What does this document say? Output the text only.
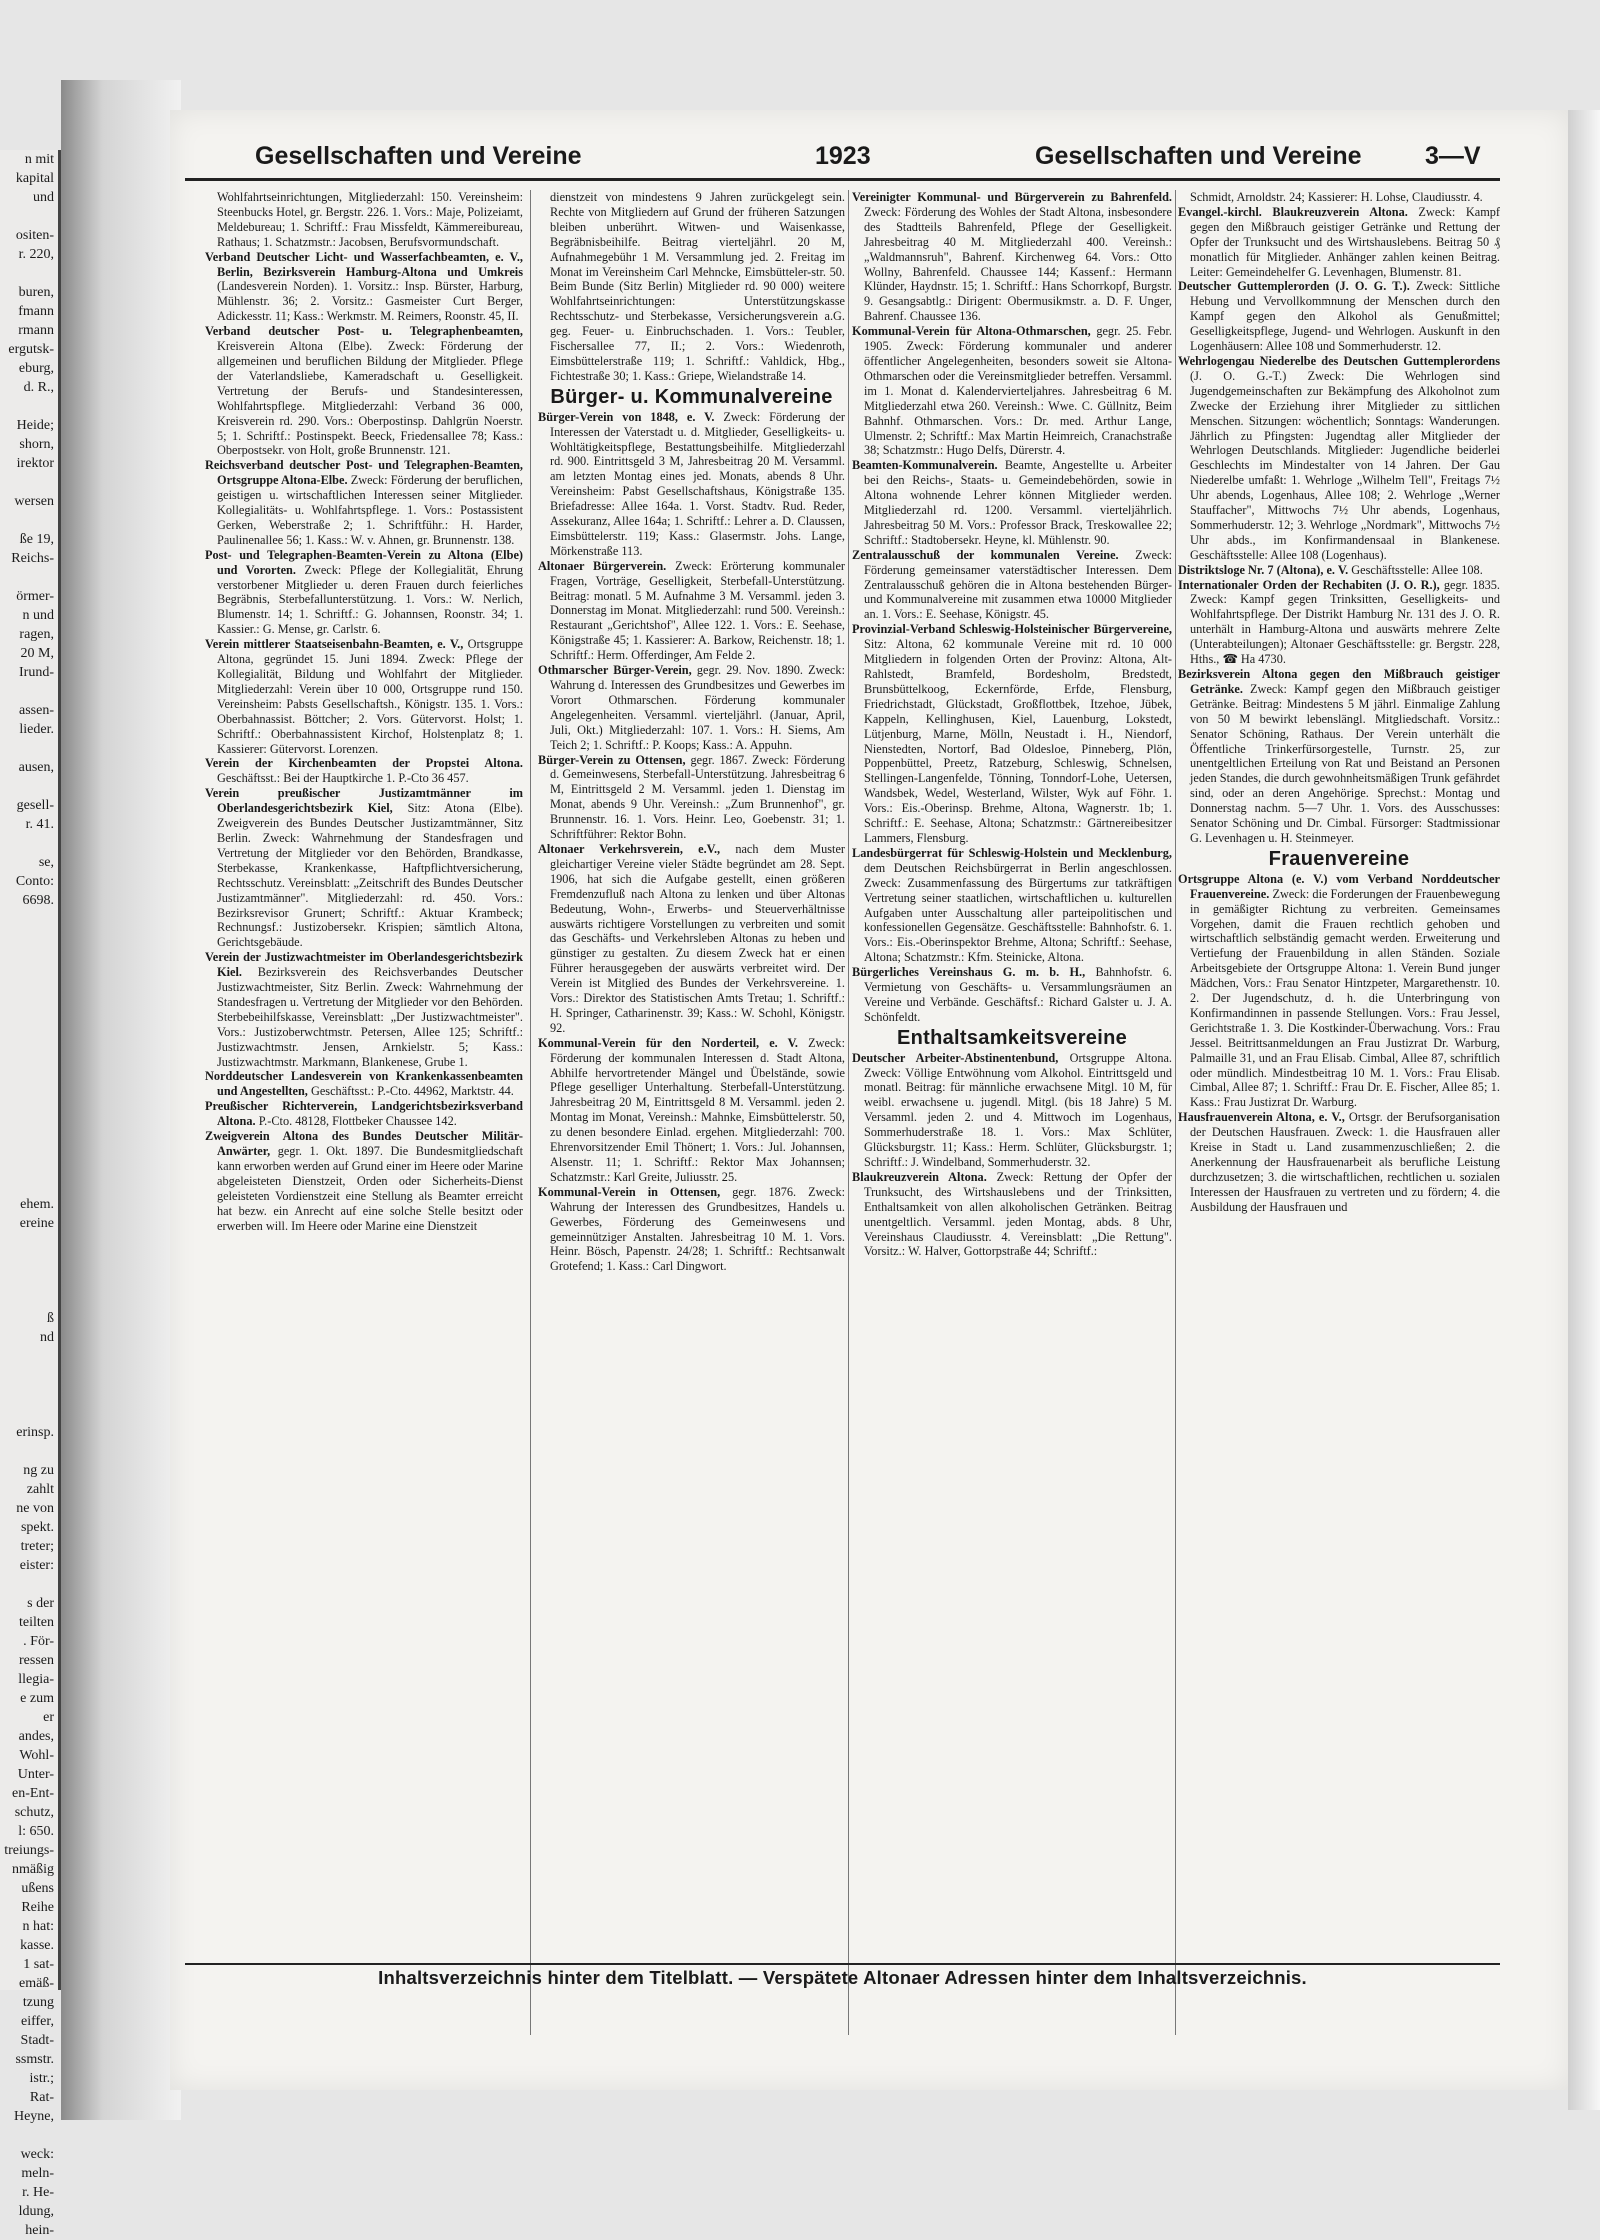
n mit
kapital
und

ositen-
r. 220,

buren,
fmann
rmann
ergutsk-
eburg,
d. R.,

Heide;
shorn,
irektor

wersen

ße 19,
Reichs-

örmer-
n und
ragen,
20 M,
Irund-

assen-
lieder.

ausen,

gesell-
r. 41.

se,
Conto:
6698.

ehem.
ereine

ß
nd

erinsp.

ng zu
zahlt
ne von
spekt.
treter;
eister:

s der
teilten
. För-
ressen
llegia-
e zum
er
andes,
Wohl-
Unter-
en-Ent-
schutz,
l: 650.
treiungs-
nmäßig
ußens
Reihe
n hat:
kasse.
1 sat-
emäß-
tzung
eiffer,
Stadt-
ssmstr.
istr.;
Rat-
Heyne,

weck:
meln-
r. He-
ldung,
hein-
Gesellschaften und Vereine	1923	Gesellschaften und Vereine	3—V
Wohlfahrtseinrichtungen, Mitgliederzahl: 150. Vereinsheim: Steenbucks Hotel, gr. Bergstr. 226. 1. Vors.: Maje, Polizeiamt, Meldebureau; 1. Schriftf.: Frau Missfeldt, Kämmereibureau, Rathaus; 1. Schatzmstr.: Jacobsen, Berufsvormundschaft.
Verband Deutscher Licht- und Wasserfachbeamten, e. V., Berlin, Bezirksverein Hamburg-Altona und Umkreis (Landesverein Norden). 1. Vorsitz.: Insp. Bürster, Harburg, Mühlenstr. 36; 2. Vorsitz.: Gasmeister Curt Berger, Adickesstr. 11; Kass.: Werkmstr. M. Reimers, Roonstr. 45, II.
Verband deutscher Post- u. Telegraphenbeamten, Kreisverein Altona (Elbe). Zweck: Förderung der allgemeinen und beruflichen Bildung der Mitglieder. Pflege der Vaterlandsliebe, Kameradschaft u. Geselligkeit. Vertretung der Berufs- und Standesinteressen, Wohlfahrtspflege. Mitgliederzahl: Verband 36 000, Kreisverein rd. 290. Vors.: Oberpostinsp. Dahlgrün Noerstr. 5; 1. Schriftf.: Postinspekt. Beeck, Friedensallee 78; Kass.: Oberpostsekr. von Holt, große Brunnenstr. 121.
Reichsverband deutscher Post- und Telegraphen-Beamten, Ortsgruppe Altona-Elbe. Zweck: Förderung der beruflichen, geistigen u. wirtschaftlichen Interessen seiner Mitglieder. Kollegialitäts- u. Wohlfahrtspflege. 1. Vors.: Postassistent Gerken, Weberstraße 2; 1. Schriftführ.: H. Harder, Paulinenallee 56; 1. Kass.: W. v. Ahnen, gr. Brunnenstr. 138.
Post- und Telegraphen-Beamten-Verein zu Altona (Elbe) und Vororten. Zweck: Pflege der Kollegialität, Ehrung verstorbener Mitglieder u. deren Frauen durch feierliches Begräbnis, Sterbefallunterstützung. 1. Vors.: W. Nerlich, Blumenstr. 14; 1. Schriftf.: G. Johannsen, Roonstr. 34; 1. Kassier.: G. Mense, gr. Carlstr. 6.
Verein mittlerer Staatseisenbahn-Beamten, e. V., Ortsgruppe Altona, gegründet 15. Juni 1894. Zweck: Pflege der Kollegialität, Bildung und Wohlfahrt der Mitglieder. Mitgliederzahl: Verein über 10 000, Ortsgruppe rund 150. Vereinsheim: Pabsts Gesellschaftsh., Königstr. 135. 1. Vors.: Oberbahnassist. Böttcher; 2. Vors. Gütervorst. Holst; 1. Schriftf.: Oberbahnassistent Kirchof, Holstenplatz 8; 1. Kassierer: Gütervorst. Lorenzen.
Verein der Kirchenbeamten der Propstei Altona. Geschäftsst.: Bei der Hauptkirche 1. P.-Cto 36 457.
Verein preußischer Justizamtmänner im Oberlandesgerichtsbezirk Kiel, Sitz: Atona (Elbe). Zweigverein des Bundes Deutscher Justizamtmänner, Sitz Berlin. Zweck: Wahrnehmung der Standesfragen und Vertretung der Mitglieder vor den Behörden, Brandkasse, Sterbekasse, Krankenkasse, Haftpflichtversicherung, Rechtsschutz. Vereinsblatt: „Zeitschrift des Bundes Deutscher Justizamtmänner". Mitgliederzahl: rd. 450. Vors.: Bezirksrevisor Grunert; Schriftf.: Aktuar Krambeck; Rechnungsf.: Justizobersekr. Krispien; sämtlich Altona, Gerichtsgebäude.
Verein der Justizwachtmeister im Oberlandesgerichtsbezirk Kiel. Bezirksverein des Reichsverbandes Deutscher Justizwachtmeister, Sitz Berlin. Zweck: Wahrnehmung der Standesfragen u. Vertretung der Mitglieder vor den Behörden. Sterbebeihilfskasse, Vereinsblatt: „Der Justizwachtmeister". Vors.: Justizoberwchtmstr. Petersen, Allee 125; Schriftf.: Justizwachtmstr. Jensen, Arnkielstr. 5; Kass.: Justizwachtmstr. Markmann, Blankenese, Grube 1.
Norddeutscher Landesverein von Krankenkassenbeamten und Angestellten, Geschäftsst.: P.-Cto. 44962, Marktstr. 44.
Preußischer Richterverein, Landgerichtsbezirksverband Altona. P.-Cto. 48128, Flottbeker Chaussee 142.
Zweigverein Altona des Bundes Deutscher Militär-Anwärter, gegr. 1. Okt. 1897. Die Bundesmitgliedschaft kann erworben werden auf Grund einer im Heere oder Marine abgeleisteten Dienstzeit, Orden oder Sicherheits-Dienst geleisteten Vordienstzeit eine Stellung als Beamter erreicht hat bezw. ein Anrecht auf eine solche Stelle besitzt oder erwerben will. Im Heere oder Marine eine Dienstzeit
dienstzeit von mindestens 9 Jahren zurückgelegt sein. Rechte von Mitgliedern auf Grund der früheren Satzungen bleiben unberührt. Witwen- und Waisenkasse, Begräbnisbeihilfe. Beitrag vierteljährl. 20 M, Aufnahmegebühr 1 M. Versammlung jed. 2. Freitag im Monat im Vereinsheim Carl Mehncke, Eimsbütteler-str. 50. Beim Bunde (Sitz Berlin) Mitglieder rd. 90 000) weitere Wohlfahrtseinrichtungen: Unterstützungskasse Rechtsschutz- und Sterbekasse, Versicherungsverein a.G. geg. Feuer- u. Einbruchschaden. 1. Vors.: Teubler, Fischersallee 77, II.; 2. Vors.: Wiedenroth, Eimsbüttelerstraße 119; 1. Schriftf.: Vahldick, Hbg., Fichtestraße 30; 1. Kass.: Griepe, Wielandstraße 14.
Bürger- u. Kommunalvereine
Bürger-Verein von 1848, e. V. Zweck: Förderung der Interessen der Vaterstadt u. d. Mitglieder, Geselligkeits- u. Wohltätigkeitspflege, Bestattungsbeihilfe. Mitgliederzahl rd. 900. Eintrittsgeld 3 M, Jahresbeitrag 20 M. Versamml. am letzten Montag eines jed. Monats, abends 8 Uhr. Vereinsheim: Pabst Gesellschaftshaus, Königstraße 135. Briefadresse: Allee 164a. 1. Vorst. Stadtv. Rud. Reder, Assekuranz, Allee 164a; 1. Schriftf.: Lehrer a. D. Claussen, Eimsbüttelerstr. 119; Kass.: Glasermstr. Johs. Lange, Mörkenstraße 113.
Altonaer Bürgerverein. Zweck: Erörterung kommunaler Fragen, Vorträge, Geselligkeit, Sterbefall-Unterstützung. Beitrag: monatl. 5 M. Aufnahme 3 M. Versamml. jeden 3. Donnerstag im Monat. Mitgliederzahl: rund 500. Vereinsh.: Restaurant „Gerichtshof", Allee 122. 1. Vors.: E. Seehase, Königstraße 45; 1. Kassierer: A. Barkow, Reichenstr. 18; 1. Schriftf.: Herm. Offerdinger, Am Felde 2.
Othmarscher Bürger-Verein, gegr. 29. Nov. 1890. Zweck: Wahrung d. Interessen des Grundbesitzes und Gewerbes im Vorort Othmarschen. Förderung kommunaler Angelegenheiten. Versamml. vierteljährl. (Januar, April, Juli, Okt.) Mitgliederzahl: 107. 1. Vors.: H. Siems, Am Teich 2; 1. Schriftf.: P. Koops; Kass.: A. Appuhn.
Bürger-Verein zu Ottensen, gegr. 1867. Zweck: Förderung d. Gemeinwesens, Sterbefall-Unterstützung. Jahresbeitrag 6 M, Eintrittsgeld 2 M. Versamml. jeden 1. Dienstag im Monat, abends 9 Uhr. Vereinsh.: „Zum Brunnenhof", gr. Brunnenstr. 16. 1. Vors. Heinr. Leo, Goebenstr. 31; 1. Schriftführer: Rektor Bohn.
Altonaer Verkehrsverein, e.V., nach dem Muster gleichartiger Vereine vieler Städte begründet am 28. Sept. 1906, hat sich die Aufgabe gestellt, einen größeren Fremdenzufluß nach Altona zu lenken und über Altonas Bedeutung, Wohn-, Erwerbs- und Steuerverhältnisse auswärts richtigere Vorstellungen zu verbreiten und somit das Geschäfts- und Verkehrsleben Altonas zu heben und günstiger zu gestalten. Zu diesem Zweck hat er einen Führer herausgegeben der auswärts verbreitet wird. Der Verein ist Mitglied des Bundes der Verkehrsvereine. 1. Vors.: Direktor des Statistischen Amts Tretau; 1. Schriftf.: H. Springer, Catharinenstr. 39; Kass.: W. Schohl, Königstr. 92.
Kommunal-Verein für den Norderteil, e. V. Zweck: Förderung der kommunalen Interessen d. Stadt Altona, Abhilfe hervortretender Mängel und Übelstände, sowie Pflege geselliger Unterhaltung. Sterbefall-Unterstützung. Jahresbeitrag 20 M, Eintrittsgeld 8 M. Versamml. jeden 2. Montag im Monat, Vereinsh.: Mahnke, Eimsbüttelerstr. 50, zu denen besondere Einlad. ergehen. Mitgliederzahl: 700. Ehrenvorsitzender Emil Thönert; 1. Vors.: Jul. Johannsen, Alsenstr. 11; 1. Schriftf.: Rektor Max Johannsen; Schatzmstr.: Karl Greite, Juliusstr. 25.
Kommunal-Verein in Ottensen, gegr. 1876. Zweck: Wahrung der Interessen des Grundbesitzes, Handels u. Gewerbes, Förderung des Gemeinwesens und gemeinnütziger Anstalten. Jahresbeitrag 10 M. 1. Vors. Heinr. Bösch, Papenstr. 24/28; 1. Schriftf.: Rechtsanwalt Grotefend; 1. Kass.: Carl Dingwort.
Vereinigter Kommunal- und Bürgerverein zu Bahrenfeld. Zweck: Förderung des Wohles der Stadt Altona, insbesondere des Stadtteils Bahrenfeld, Pflege der Geselligkeit. Jahresbeitrag 40 M. Mitgliederzahl 400. Vereinsh.: „Waldmannsruh", Bahrenf. Kirchenweg 64. Vors.: Otto Wollny, Bahrenfeld. Chaussee 144; Kassenf.: Hermann Klünder, Haydnstr. 15; 1. Schriftf.: Hans Schorrkopf, Burgstr. 9. Gesangsabtlg.: Dirigent: Obermusikmstr. a. D. F. Unger, Bahrenf. Chaussee 136.
Kommunal-Verein für Altona-Othmarschen, gegr. 25. Febr. 1905. Zweck: Förderung kommunaler und anderer öffentlicher Angelegenheiten, besonders soweit sie Altona-Othmarschen oder die Vereinsmitglieder betreffen. Versamml. im 1. Monat d. Kalendervierteljahres. Jahresbeitrag 6 M. Mitgliederzahl etwa 260. Vereinsh.: Wwe. C. Güllnitz, Beim Bahnhf. Othmarschen. Vors.: Dr. med. Arthur Lange, Ulmenstr. 2; Schriftf.: Max Martin Heimreich, Cranachstraße 38; Schatzmstr.: Hugo Delfs, Dürerstr. 4.
Beamten-Kommunalverein. Beamte, Angestellte u. Arbeiter bei den Reichs-, Staats- u. Gemeindebehörden, sowie in Altona wohnende Lehrer können Mitglieder werden. Mitgliederzahl rd. 1200. Versamml. vierteljährlich. Jahresbeitrag 50 M. Vors.: Professor Brack, Treskowallee 22; Schriftf.: Stadtobersekr. Heyne, kl. Mühlenstr. 90.
Zentralausschuß der kommunalen Vereine. Zweck: Förderung gemeinsamer vaterstädtischer Interessen. Dem Zentralausschuß gehören die in Altona bestehenden Bürger- und Kommunalvereine mit zusammen etwa 10000 Mitglieder an. 1. Vors.: E. Seehase, Königstr. 45.
Provinzial-Verband Schleswig-Holsteinischer Bürgervereine, Sitz: Altona, 62 kommunale Vereine mit rd. 10 000 Mitgliedern in folgenden Orten der Provinz: Altona, Alt-Rahlstedt, Bramfeld, Bordesholm, Bredstedt, Brunsbüttelkoog, Eckernförde, Erfde, Flensburg, Friedrichstadt, Glückstadt, Großflottbek, Itzehoe, Jübek, Kappeln, Kellinghusen, Kiel, Lauenburg, Lokstedt, Lütjenburg, Marne, Mölln, Neustadt i. H., Niendorf, Nienstedten, Nortorf, Bad Oldesloe, Pinneberg, Plön, Poppenbüttel, Preetz, Ratzeburg, Schleswig, Schnelsen, Stellingen-Langenfelde, Tönning, Tonndorf-Lohe, Uetersen, Wandsbek, Wedel, Westerland, Wilster, Wyk auf Föhr. 1. Vors.: Eis.-Oberinsp. Brehme, Altona, Wagnerstr. 1b; 1. Schriftf.: E. Seehase, Altona; Schatzmstr.: Gärtnereibesitzer Lammers, Flensburg.
Landesbürgerrat für Schleswig-Holstein und Mecklenburg, dem Deutschen Reichsbürgerrat in Berlin angeschlossen. Zweck: Zusammenfassung des Bürgertums zur tatkräftigen Vertretung seiner staatlichen, wirtschaftlichen u. kulturellen Aufgaben unter Ausschaltung aller parteipolitischen und konfessionellen Gegensätze. Geschäftsstelle: Bahnhofstr. 6. 1. Vors.: Eis.-Oberinspektor Brehme, Altona; Schriftf.: Seehase, Altona; Schatzmstr.: Kfm. Steinicke, Altona.
Bürgerliches Vereinshaus G. m. b. H., Bahnhofstr. 6. Vermietung von Geschäfts- u. Versammlungsräumen an Vereine und Verbände. Geschäftsf.: Richard Galster u. J. A. Schönfeldt.
Enthaltsamkeitsvereine
Deutscher Arbeiter-Abstinentenbund, Ortsgruppe Altona. Zweck: Völlige Entwöhnung vom Alkohol. Eintrittsgeld und monatl. Beitrag: für männliche erwachsene Mitgl. 10 M, für weibl. erwachsene u. jugendl. Mitgl. (bis 18 Jahre) 5 M. Versamml. jeden 2. und 4. Mittwoch im Logenhaus, Sommerhuderstraße 18. 1. Vors.: Max Schlüter, Glücksburgstr. 11; Kass.: Herm. Schlüter, Glücksburgstr. 1; Schriftf.: J. Windelband, Sommerhuderstr. 32.
Blaukreuzverein Altona. Zweck: Rettung der Opfer der Trunksucht, des Wirtshauslebens und der Trinksitten, Enthaltsamkeit von allen alkoholischen Getränken. Beitrag unentgeltlich. Versamml. jeden Montag, abds. 8 Uhr, Vereinshaus Claudiusstr. 4. Vereinsblatt: „Die Rettung". Vorsitz.: W. Halver, Gottorpstraße 44; Schriftf.:
Schmidt, Arnoldstr. 24; Kassierer: H. Lohse, Claudiusstr. 4.
Evangel.-kirchl. Blaukreuzverein Altona. Zweck: Kampf gegen den Mißbrauch geistiger Getränke und Rettung der Opfer der Trunksucht und des Wirtshauslebens. Beitrag 50 ₰ monatlich für Mitglieder. Anhänger zahlen keinen Beitrag. Leiter: Gemeindehelfer G. Levenhagen, Blumenstr. 81.
Deutscher Guttemplerorden (J. O. G. T.). Zweck: Sittliche Hebung und Vervollkommnung der Menschen durch den Kampf gegen den Alkohol als Genußmittel; Geselligkeitspflege, Jugend- und Wehrlogen. Auskunft in den Logenhäusern: Allee 108 und Sommerhuderstr. 12.
Wehrlogengau Niederelbe des Deutschen Guttemplerordens (J. O. G.-T.) Zweck: Die Wehrlogen sind Jugendgemeinschaften zur Bekämpfung des Alkoholnot zum Zwecke der Erziehung ihrer Mitglieder zu sittlichen Menschen. Sitzungen: wöchentlich; Sonntags: Wanderungen. Jährlich zu Pfingsten: Jugendtag aller Mitglieder der Wehrlogen Deutschlands. Mitglieder: Jugendliche beiderlei Geschlechts im Mindestalter von 14 Jahren. Der Gau Niederelbe umfaßt: 1. Wehrloge „Wilhelm Tell", Freitags 7½ Uhr abends, Logenhaus, Allee 108; 2. Wehrloge „Werner Stauffacher", Mittwochs 7½ Uhr abends, Logenhaus, Sommerhuderstr. 12; 3. Wehrloge „Nordmark", Mittwochs 7½ Uhr abds., im Konfirmandensaal in Blankenese. Geschäftsstelle: Allee 108 (Logenhaus).
Distriktsloge Nr. 7 (Altona), e. V. Geschäftsstelle: Allee 108.
Internationaler Orden der Rechabiten (J. O. R.), gegr. 1835. Zweck: Kampf gegen Trinksitten, Geselligkeits- und Wohlfahrtspflege. Der Distrikt Hamburg Nr. 131 des J. O. R. unterhält in Hamburg-Altona und auswärts mehrere Zelte (Unterabteilungen); Altonaer Geschäftsstelle: gr. Bergstr. 228, Hths., ☎ Ha 4730.
Bezirksverein Altona gegen den Mißbrauch geistiger Getränke. Zweck: Kampf gegen den Mißbrauch geistiger Getränke. Beitrag: Mindestens 5 M jährl. Einmalige Zahlung von 50 M bewirkt lebenslängl. Mitgliedschaft. Vorsitz.: Senator Schöning, Rathaus. Der Verein unterhält die Öffentliche Trinkerfürsorgestelle, Turnstr. 25, zur unentgeltlichen Erteilung von Rat und Beistand an Personen jeden Standes, die durch gewohnheitsmäßigen Trunk gefährdet sind, oder an deren Angehörige. Sprechst.: Montag und Donnerstag nachm. 5—7 Uhr. 1. Vors. des Ausschusses: Senator Schöning und Dr. Cimbal. Fürsorger: Stadtmissionar G. Levenhagen u. H. Steinmeyer.
Frauenvereine
Ortsgruppe Altona (e. V.) vom Verband Norddeutscher Frauenvereine. Zweck: die Forderungen der Frauenbewegung in gemäßigter Richtung zu verbreiten. Gemeinsames Vorgehen, damit die Frauen rechtlich gehoben und wirtschaftlich selbständig gemacht werden. Erweiterung und Vertiefung der Frauenbildung in allen Ständen. Soziale Arbeitsgebiete der Ortsgruppe Altona: 1. Verein Bund junger Mädchen, Vors.: Frau Senator Hintzpeter, Margarethenstr. 10. 2. Der Jugendschutz, d. h. die Unterbringung von Konfirmandinnen in passende Stellungen. Vors.: Frau Jessel, Gerichtstraße 1. 3. Die Kostkinder-Überwachung. Vors.: Frau Jessel. Beitrittsanmeldungen an Frau Justizrat Dr. Warburg, Palmaille 31, und an Frau Elisab. Cimbal, Allee 87, schriftlich oder mündlich. Mindestbeitrag 10 M. 1. Vors.: Frau Elisab. Cimbal, Allee 87; 1. Schriftf.: Frau Dr. E. Fischer, Allee 85; 1. Kass.: Frau Justizrat Dr. Warburg.
Hausfrauenverein Altona, e. V., Ortsgr. der Berufsorganisation der Deutschen Hausfrauen. Zweck: 1. die Hausfrauen aller Kreise in Stadt u. Land zusammenzuschließen; 2. die Anerkennung der Hausfrauenarbeit als berufliche Leistung durchzusetzen; 3. die wirtschaftlichen, rechtlichen u. sozialen Interessen der Hausfrauen zu vertreten und zu fördern; 4. die Ausbildung der Hausfrauen und
Inhaltsverzeichnis hinter dem Titelblatt. — Verspätete Altonaer Adressen hinter dem Inhaltsverzeichnis.
